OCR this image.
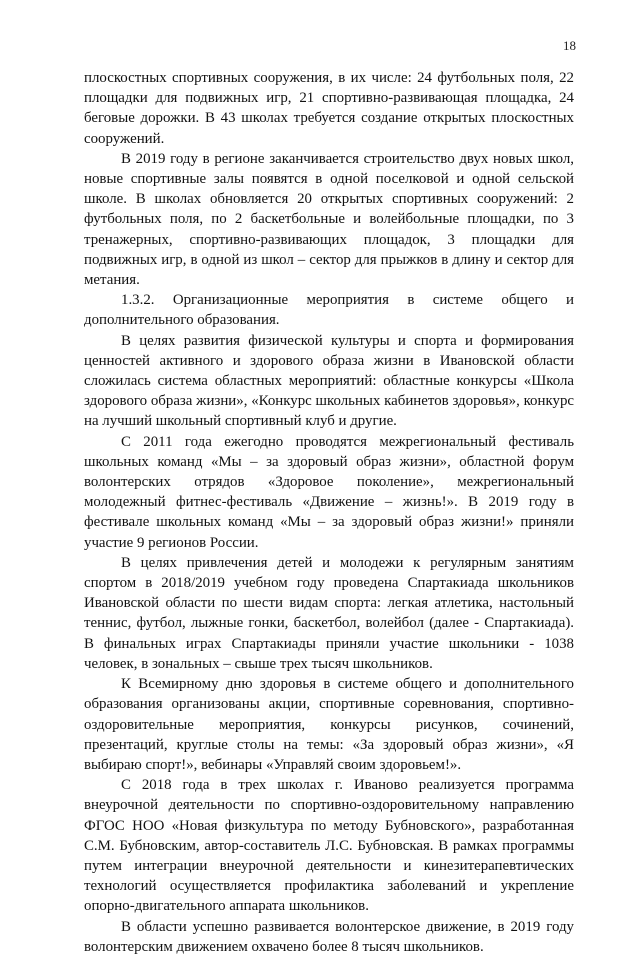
18

плоскостных спортивных сооружения, в их числе: 24 футбольных поля, 22 площадки для подвижных игр, 21 спортивно-развивающая площадка, 24 беговые дорожки. В 43 школах требуется создание открытых плоскостных сооружений.

В 2019 году в регионе заканчивается строительство двух новых школ, новые спортивные залы появятся в одной поселковой и одной сельской школе. В школах обновляется 20 открытых спортивных сооружений: 2 футбольных поля, по 2 баскетбольные и волейбольные площадки, по 3 тренажерных, спортивно-развивающих площадок, 3 площадки для подвижных игр, в одной из школ – сектор для прыжков в длину и сектор для метания.

1.3.2. Организационные мероприятия в системе общего и дополнительного образования.

В целях развития физической культуры и спорта и формирования ценностей активного и здорового образа жизни в Ивановской области сложилась система областных мероприятий: областные конкурсы «Школа здорового образа жизни», «Конкурс школьных кабинетов здоровья», конкурс на лучший школьный спортивный клуб и другие.

С 2011 года ежегодно проводятся межрегиональный фестиваль школьных команд «Мы – за здоровый образ жизни», областной форум волонтерских отрядов «Здоровое поколение», межрегиональный молодежный фитнес-фестиваль «Движение – жизнь!». В 2019 году в фестивале школьных команд «Мы – за здоровый образ жизни!» приняли участие 9 регионов России.

В целях привлечения детей и молодежи к регулярным занятиям спортом в 2018/2019 учебном году проведена Спартакиада школьников Ивановской области по шести видам спорта: легкая атлетика, настольный теннис, футбол, лыжные гонки, баскетбол, волейбол (далее - Спартакиада). В финальных играх Спартакиады приняли участие школьники - 1038 человек, в зональных – свыше трех тысяч школьников.

К Всемирному дню здоровья в системе общего и дополнительного образования организованы акции, спортивные соревнования, спортивно-оздоровительные мероприятия, конкурсы рисунков, сочинений, презентаций, круглые столы на темы: «За здоровый образ жизни», «Я выбираю спорт!», вебинары «Управляй своим здоровьем!».

С 2018 года в трех школах г. Иваново реализуется программа внеурочной деятельности по спортивно-оздоровительному направлению ФГОС НОО «Новая физкультура по методу Бубновского», разработанная С.М. Бубновским, автор-составитель Л.С. Бубновская. В рамках программы путем интеграции внеурочной деятельности и кинезитерапевтических технологий осуществляется профилактика заболеваний и укрепление опорно-двигательного аппарата школьников.

В области успешно развивается волонтерское движение, в 2019 году волонтерским движением охвачено более 8 тысяч школьников.
